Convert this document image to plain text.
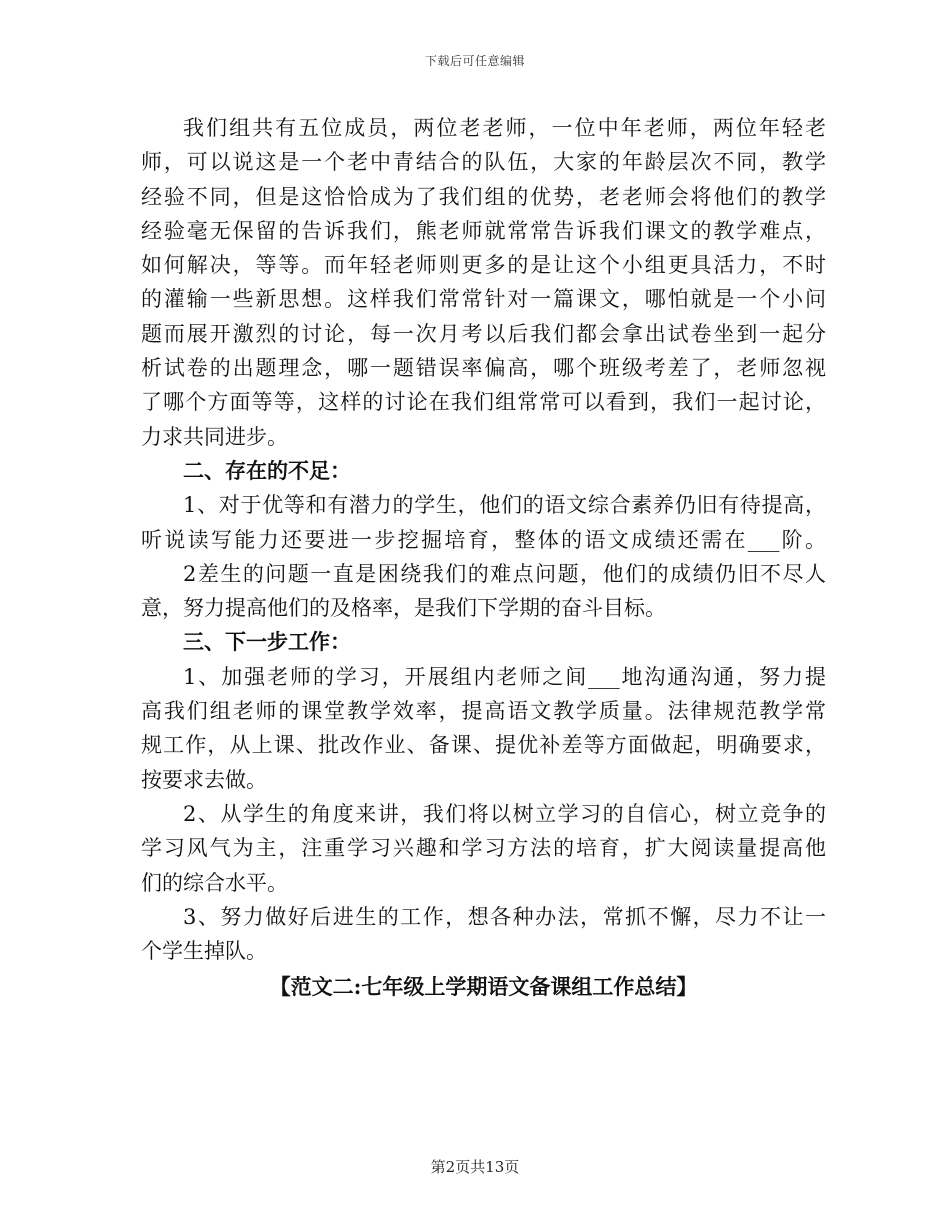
下载后可任意编辑
我们组共有五位成员，两位老老师，一位中年老师，两位年轻老
师，可以说这是一个老中青结合的队伍，大家的年龄层次不同，教学
经验不同，但是这恰恰成为了我们组的优势，老老师会将他们的教学
经验毫无保留的告诉我们，熊老师就常常告诉我们课文的教学难点，
如何解决，等等。而年轻老师则更多的是让这个小组更具活力，不时
的灌输一些新思想。这样我们常常针对一篇课文，哪怕就是一个小问
题而展开激烈的讨论，每一次月考以后我们都会拿出试卷坐到一起分
析试卷的出题理念，哪一题错误率偏高，哪个班级考差了，老师忽视
了哪个方面等等，这样的讨论在我们组常常可以看到，我们一起讨论，
力求共同进步。
二、存在的不足：
1、对于优等和有潜力的学生，他们的语文综合素养仍旧有待提高，
听说读写能力还要进一步挖掘培育，整体的语文成绩还需在___阶。
2差生的问题一直是困绕我们的难点问题，他们的成绩仍旧不尽人
意，努力提高他们的及格率，是我们下学期的奋斗目标。
三、下一步工作：
1、加强老师的学习，开展组内老师之间___地沟通沟通，努力提
高我们组老师的课堂教学效率，提高语文教学质量。法律规范教学常
规工作，从上课、批改作业、备课、提优补差等方面做起，明确要求，
按要求去做。
2、从学生的角度来讲，我们将以树立学习的自信心，树立竞争的
学习风气为主，注重学习兴趣和学习方法的培育，扩大阅读量提高他
们的综合水平。
3、努力做好后进生的工作，想各种办法，常抓不懈，尽力不让一
个学生掉队。
【范文二:七年级上学期语文备课组工作总结】
第2页共13页
